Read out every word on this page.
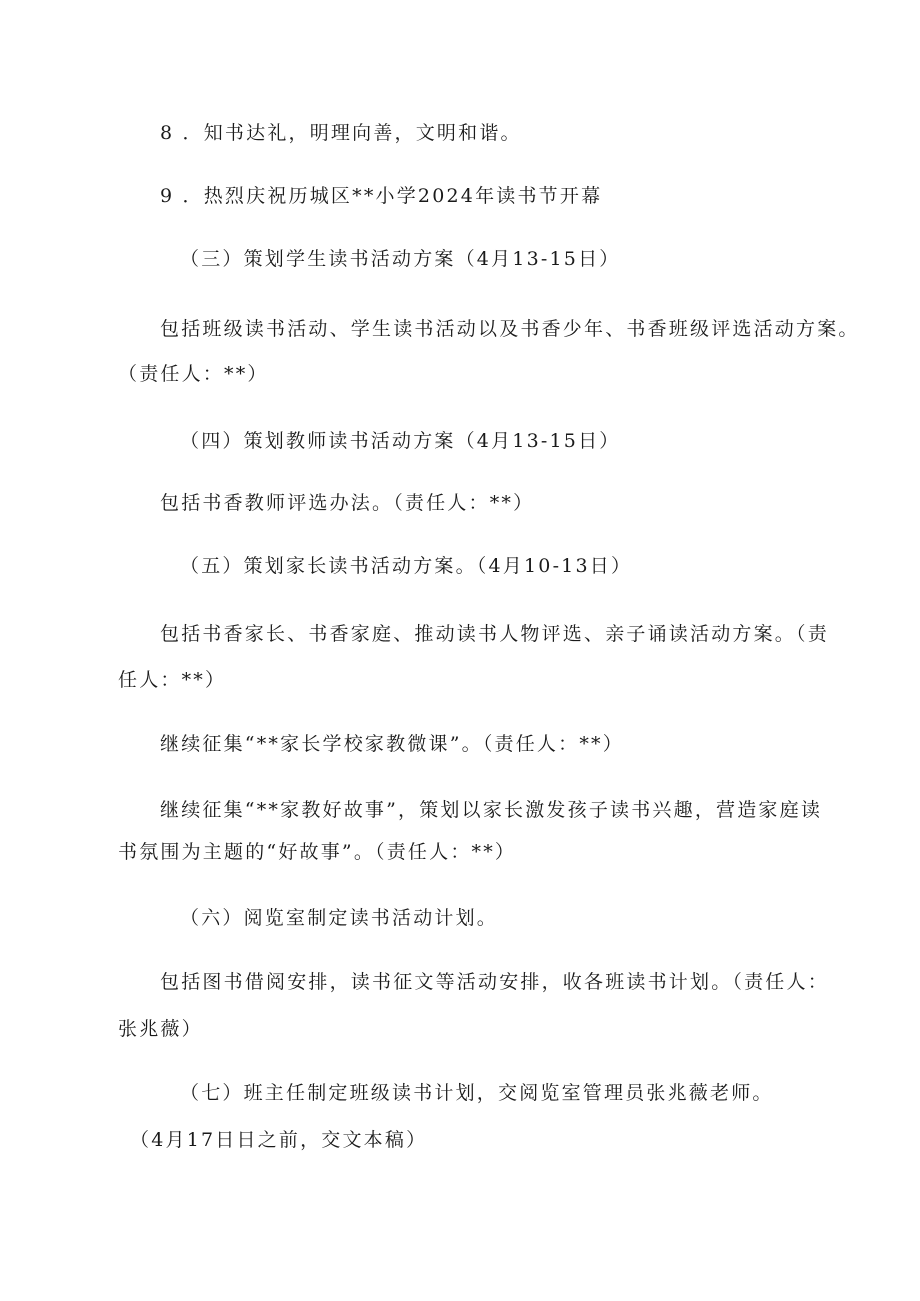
8 ．知书达礼，明理向善，文明和谐。
9 ．热烈庆祝历城区**小学2024年读书节开幕
（三）策划学生读书活动方案（4月13-15日）
包括班级读书活动、学生读书活动以及书香少年、书香班级评选活动方案。
（责任人：**）
（四）策划教师读书活动方案（4月13-15日）
包括书香教师评选办法。（责任人：**）
（五）策划家长读书活动方案。（4月10-13日）
包括书香家长、书香家庭、推动读书人物评选、亲子诵读活动方案。（责
任人：**）
继续征集“**家长学校家教微课”。（责任人：**）
继续征集“**家教好故事”，策划以家长激发孩子读书兴趣，营造家庭读
书氛围为主题的“好故事”。（责任人：**）
（六）阅览室制定读书活动计划。
包括图书借阅安排，读书征文等活动安排，收各班读书计划。（责任人：
张兆薇）
（七）班主任制定班级读书计划，交阅览室管理员张兆薇老师。
（4月17日日之前，交文本稿）
